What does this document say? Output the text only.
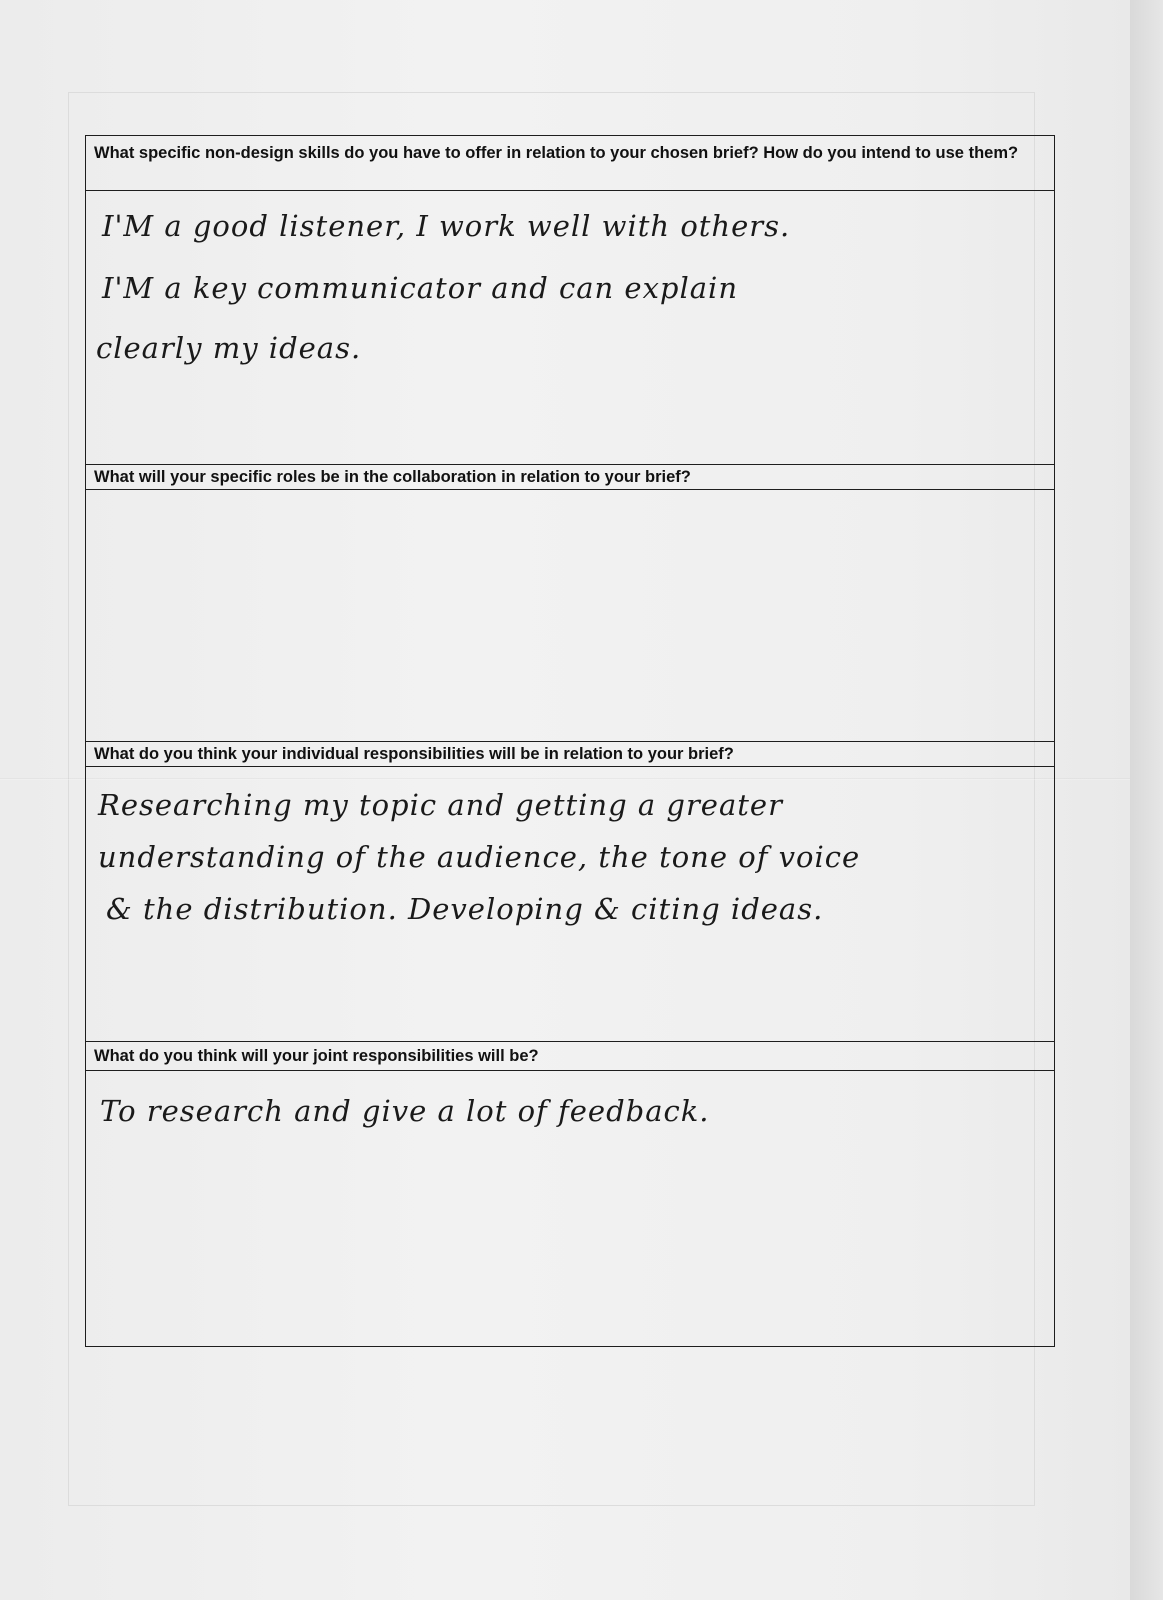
What specific non-design skills do you have to offer in relation to your chosen brief? How do you intend to use them?
I'M a good listener, I work well with others.
I'M a key communicator and can explain
clearly my ideas.
What will your specific roles be in the collaboration in relation to your brief?
What do you think your individual responsibilities will be in relation to your brief?
Researching my topic and getting a greater
understanding of the audience, the tone of voice
& the distribution. Developing & citing ideas.
What do you think will your joint responsibilities will be?
To research and give a lot of feedback.
